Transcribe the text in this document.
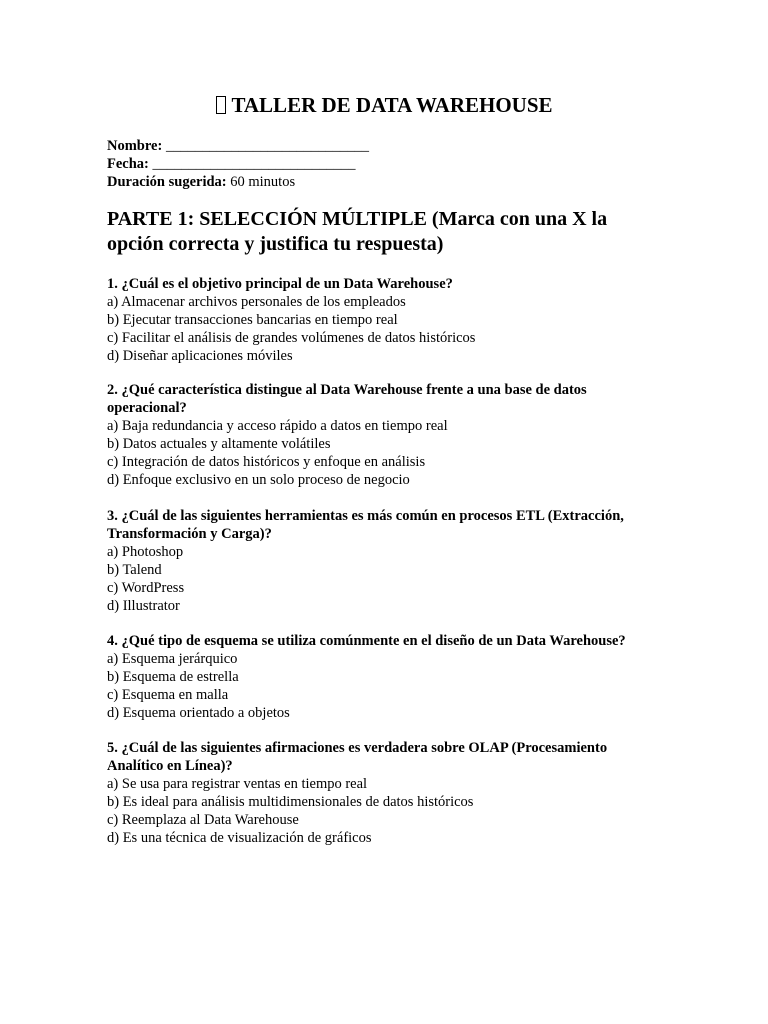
TALLER DE DATA WAREHOUSE
Nombre: ____________________________
Fecha: ____________________________
Duración sugerida: 60 minutos
PARTE 1: SELECCIÓN MÚLTIPLE (Marca con una X la opción correcta y justifica tu respuesta)
1. ¿Cuál es el objetivo principal de un Data Warehouse?
a) Almacenar archivos personales de los empleados
b) Ejecutar transacciones bancarias en tiempo real
c) Facilitar el análisis de grandes volúmenes de datos históricos
d) Diseñar aplicaciones móviles
2. ¿Qué característica distingue al Data Warehouse frente a una base de datos operacional?
a) Baja redundancia y acceso rápido a datos en tiempo real
b) Datos actuales y altamente volátiles
c) Integración de datos históricos y enfoque en análisis
d) Enfoque exclusivo en un solo proceso de negocio
3. ¿Cuál de las siguientes herramientas es más común en procesos ETL (Extracción, Transformación y Carga)?
a) Photoshop
b) Talend
c) WordPress
d) Illustrator
4. ¿Qué tipo de esquema se utiliza comúnmente en el diseño de un Data Warehouse?
a) Esquema jerárquico
b) Esquema de estrella
c) Esquema en malla
d) Esquema orientado a objetos
5. ¿Cuál de las siguientes afirmaciones es verdadera sobre OLAP (Procesamiento Analítico en Línea)?
a) Se usa para registrar ventas en tiempo real
b) Es ideal para análisis multidimensionales de datos históricos
c) Reemplaza al Data Warehouse
d) Es una técnica de visualización de gráficos
